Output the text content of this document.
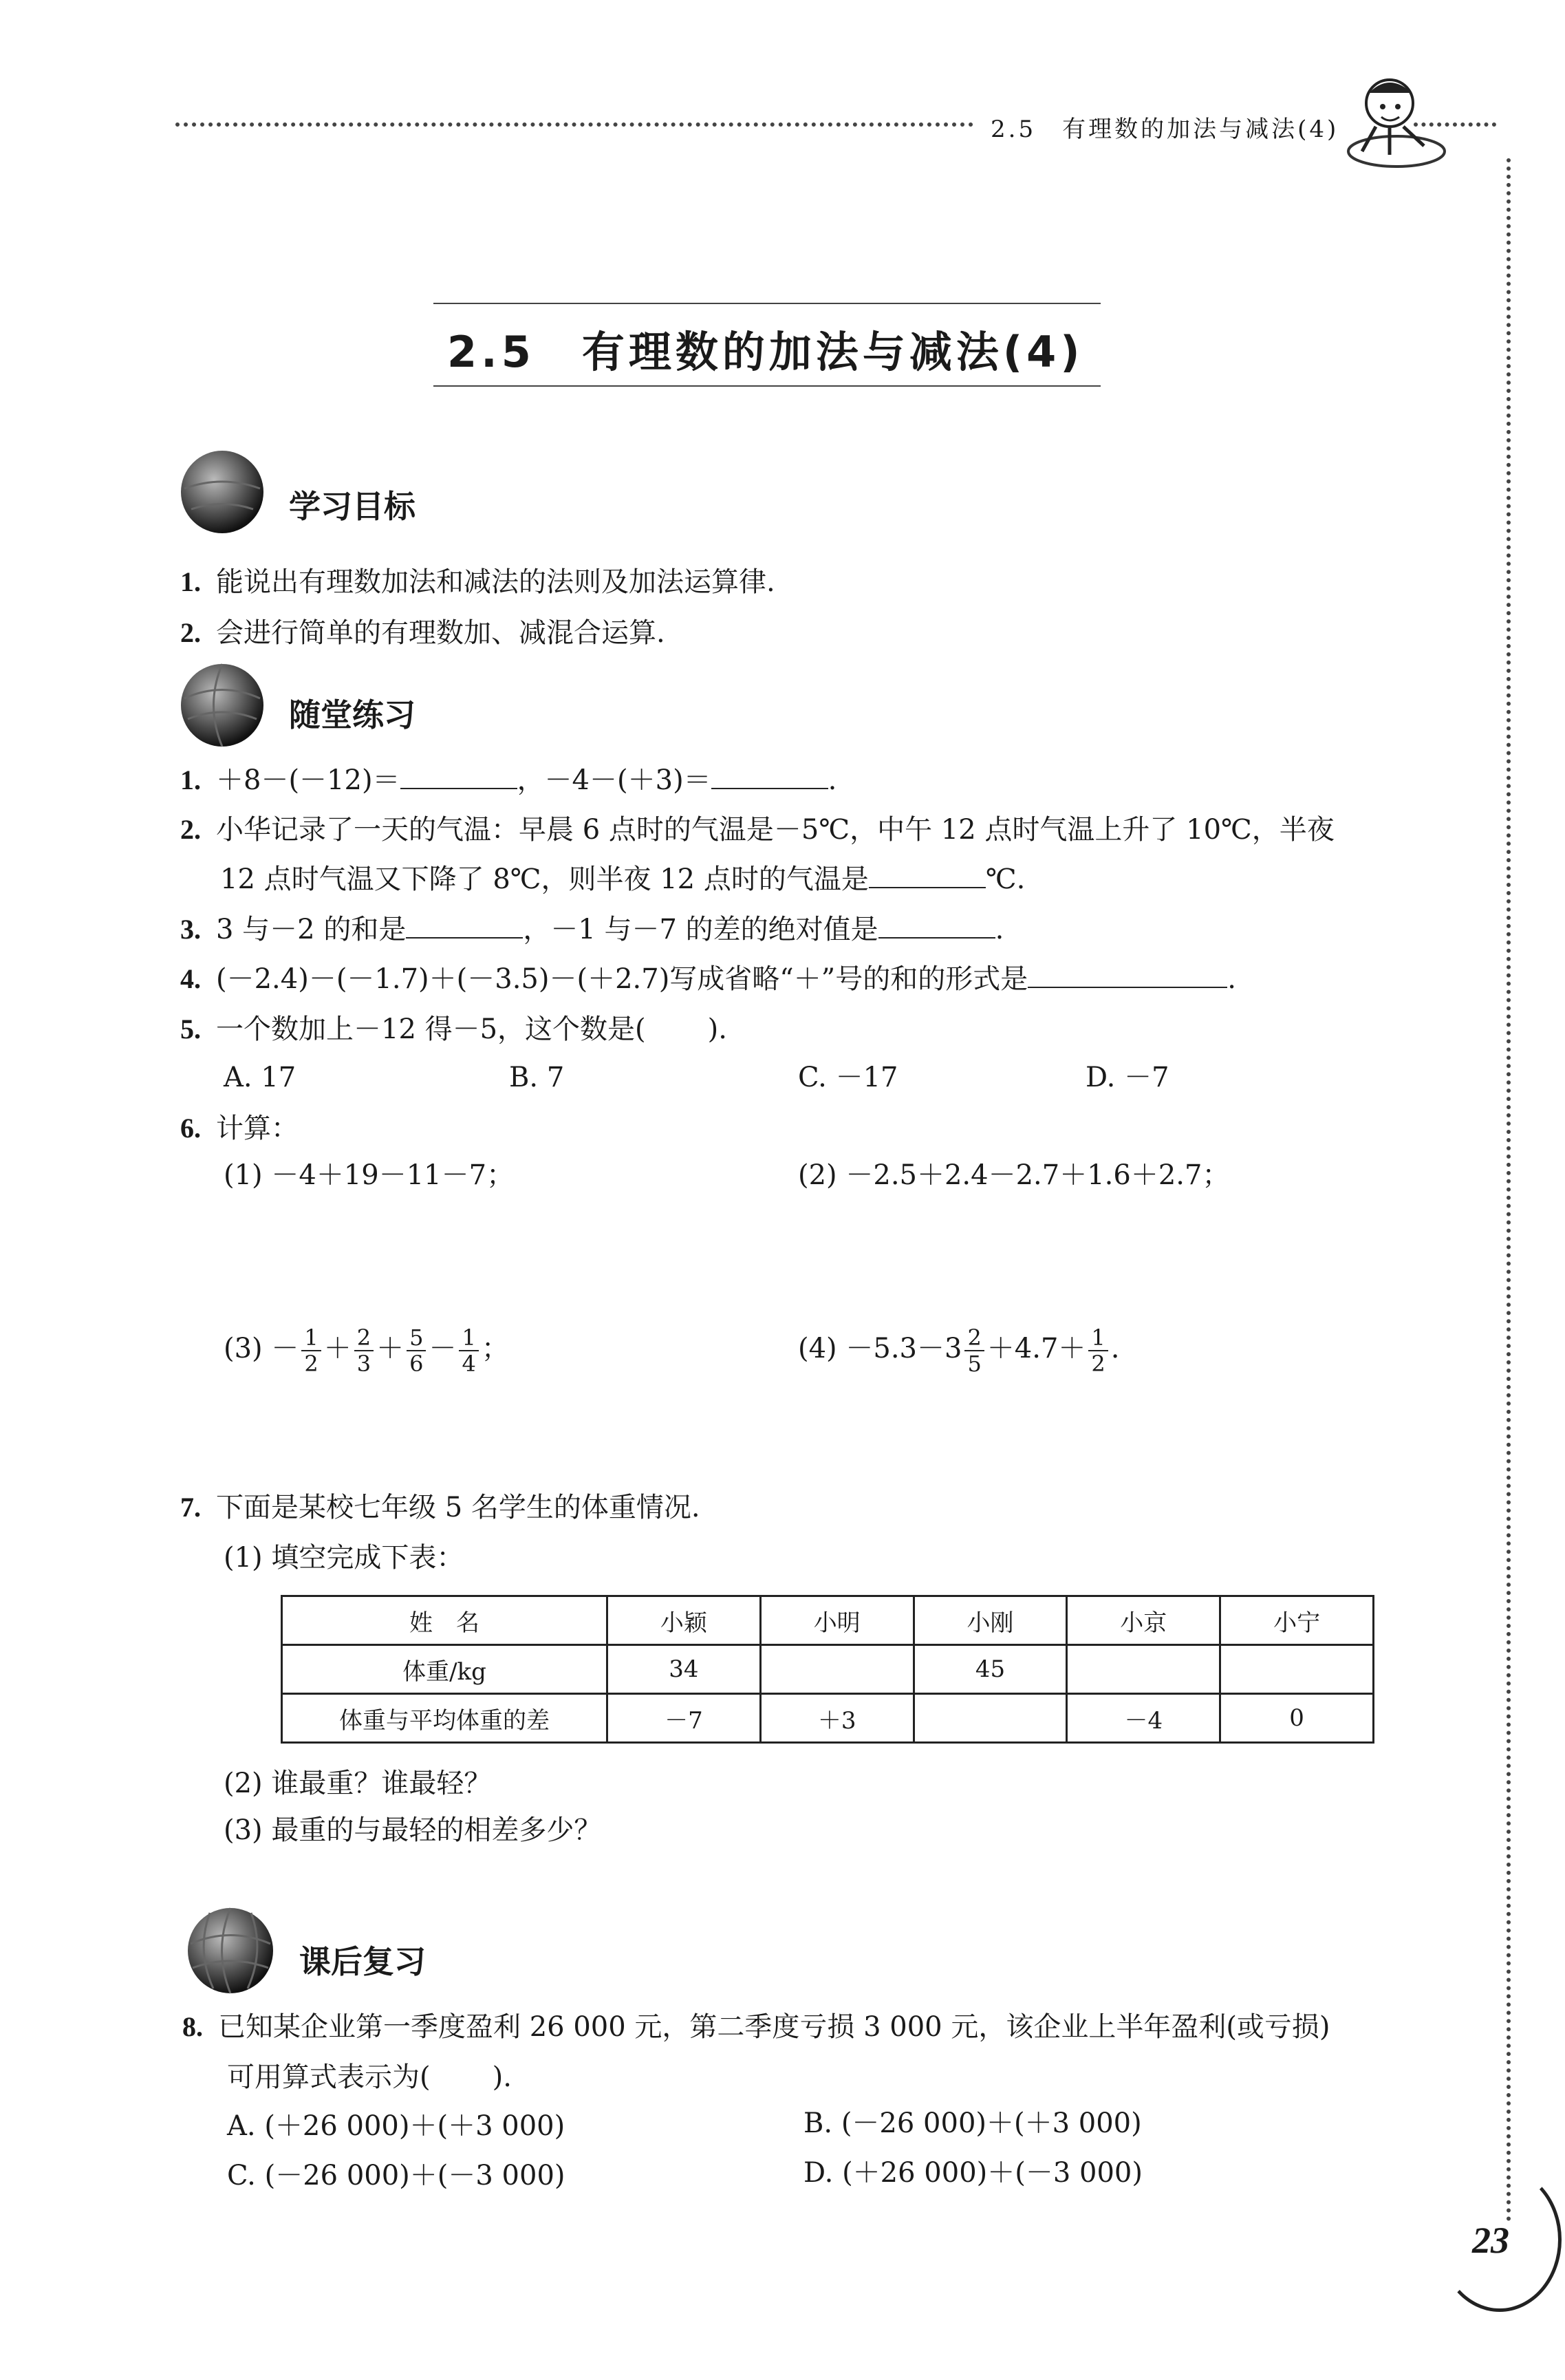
2.5　有理数的加法与减法(4)
2.5　有理数的加法与减法(4)
学习目标
1. 能说出有理数加法和减法的法则及加法运算律.
2. 会进行简单的有理数加、减混合运算.
随堂练习
1. ＋8－(－12)＝	，－4－(＋3)＝	.
2. 小华记录了一天的气温：早晨 6 点时的气温是－5℃，中午 12 点时气温上升了 10℃，半夜
12 点时气温又下降了 8℃，则半夜 12 点时的气温是	℃.
3. 3 与－2 的和是	，－1 与－7 的差的绝对值是	.
4. (－2.4)－(－1.7)＋(－3.5)－(＋2.7)写成省略“＋”号的和的形式是	.
5. 一个数加上－12 得－5，这个数是( ).
A. 17	B. 7	C. －17	D. －7
6. 计算：
(1) －4＋19－11－7；	(2) －2.5＋2.4－2.7＋1.6＋2.7；
$(3) - \frac{1}{2} + \frac{2}{3} + \frac{5}{6} - \frac{1}{4}$ ；	$(4) -5.3-3 \frac{2}{5} +4.7+ \frac{1}{2}$ .
7. 下面是某校七年级 5 名学生的体重情况.
(1) 填空完成下表：
姓　名	小颖	小明	小刚	小京	小宁
体重/kg	34		45		
体重与平均体重的差	－7	＋3		－4	0
(2) 谁最重？谁最轻？
(3) 最重的与最轻的相差多少？
课后复习
8. 已知某企业第一季度盈利 26 000 元，第二季度亏损 3 000 元，该企业上半年盈利(或亏损)
可用算式表示为( ).
A. (＋26 000)＋(＋3 000)	B. (－26 000)＋(＋3 000)
C. (－26 000)＋(－3 000)	D. (＋26 000)＋(－3 000)
23
